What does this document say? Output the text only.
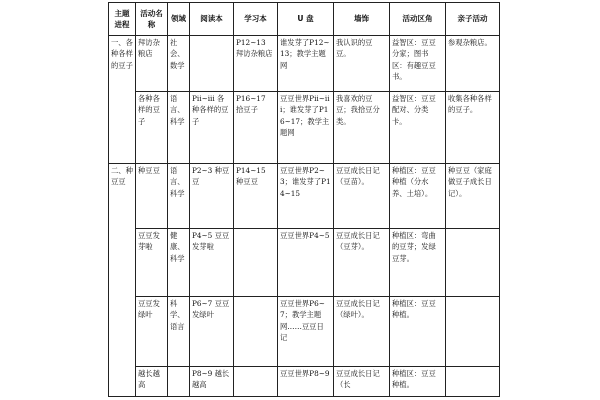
主题进程	活动名称	领域	阅读本	学习本	U 盘	墙饰	活动区角	亲子活动
一、各种各样的豆子	拜访杂粮店	社会、数学		P12~13 拜访杂粮店	谁发芽了P12~13；教学主题网	我认识的豆豆。	益智区：豆豆分家；图书区：有趣豆豆书。	参观杂粮店。
	各种各样的豆子	语言、科学	Pii~iii 各种各样的豆子	P16~17 拾豆子	豆豆世界Pii~iii；谁发芽了P16~17；教学主题网	我喜欢的豆豆；我拾豆分类。	益智区：豆豆配对、分类卡。	收集各种各样的豆子。
二、种豆豆	种豆豆	语言、科学	P2~3 种豆豆	P14~15 种豆豆	豆豆世界P2~3；谁发芽了P14~15	豆豆成长日记（豆苗）。	种植区：豆豆种植（分水养、土培）。	种豆豆（家庭做豆子成长日记）。
	豆豆发芽啦	健康、科学	P4~5 豆豆发芽啦		豆豆世界P4~5	豆豆成长日记（豆芽）。	种植区：弯曲的豆芽；发绿豆芽。	
	豆豆发绿叶	科学、语言	P6~7 豆豆发绿叶		豆豆世界P6~7；教学主题网……豆豆日记	豆豆成长日记（绿叶）。	种植区：豆豆种植。	
	越长越高		P8~9 越长越高		豆豆世界P8~9	豆豆成长日记（长	种植区：豆豆种植。	
